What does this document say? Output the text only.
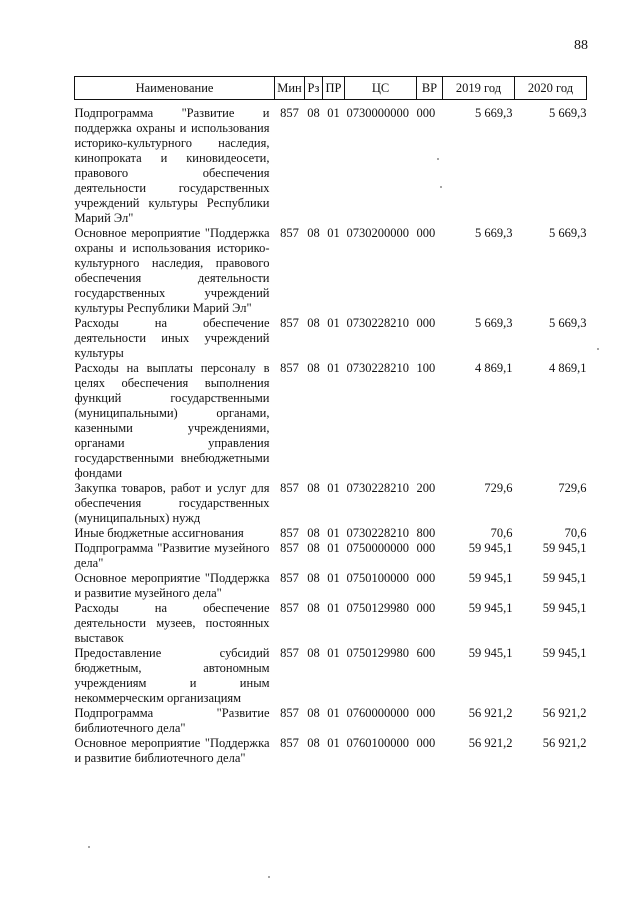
88
Наименование	Мин	Рз	ПР	ЦС	ВР	2019 год	2020 год
Подпрограмма "Развитие и поддержка охраны и использования историко-культурного наследия, кинопроката и киновидеосети, правового обеспечения деятельности государственных учреждений культуры Республики Марий Эл"	857	08	01	0730000000	000	5 669,3	5 669,3
Основное мероприятие "Поддержка охраны и использования историко-культурного наследия, правового обеспечения деятельности государственных учреждений культуры Республики Марий Эл"	857	08	01	0730200000	000	5 669,3	5 669,3
Расходы на обеспечение деятельности иных учреждений культуры	857	08	01	0730228210	000	5 669,3	5 669,3
Расходы на выплаты персоналу в целях обеспечения выполнения функций государственными (муниципальными) органами, казенными учреждениями, органами управления государственными внебюджетными фондами	857	08	01	0730228210	100	4 869,1	4 869,1
Закупка товаров, работ и услуг для обеспечения государственных (муниципальных) нужд	857	08	01	0730228210	200	729,6	729,6
Иные бюджетные ассигнования	857	08	01	0730228210	800	70,6	70,6
Подпрограмма "Развитие музейного дела"	857	08	01	0750000000	000	59 945,1	59 945,1
Основное мероприятие "Поддержка и развитие музейного дела"	857	08	01	0750100000	000	59 945,1	59 945,1
Расходы на обеспечение деятельности музеев, постоянных выставок	857	08	01	0750129980	000	59 945,1	59 945,1
Предоставление субсидий бюджетным, автономным учреждениям и иным некоммерческим организациям	857	08	01	0750129980	600	59 945,1	59 945,1
Подпрограмма "Развитие библиотечного дела"	857	08	01	0760000000	000	56 921,2	56 921,2
Основное мероприятие "Поддержка и развитие библиотечного дела"	857	08	01	0760100000	000	56 921,2	56 921,2
